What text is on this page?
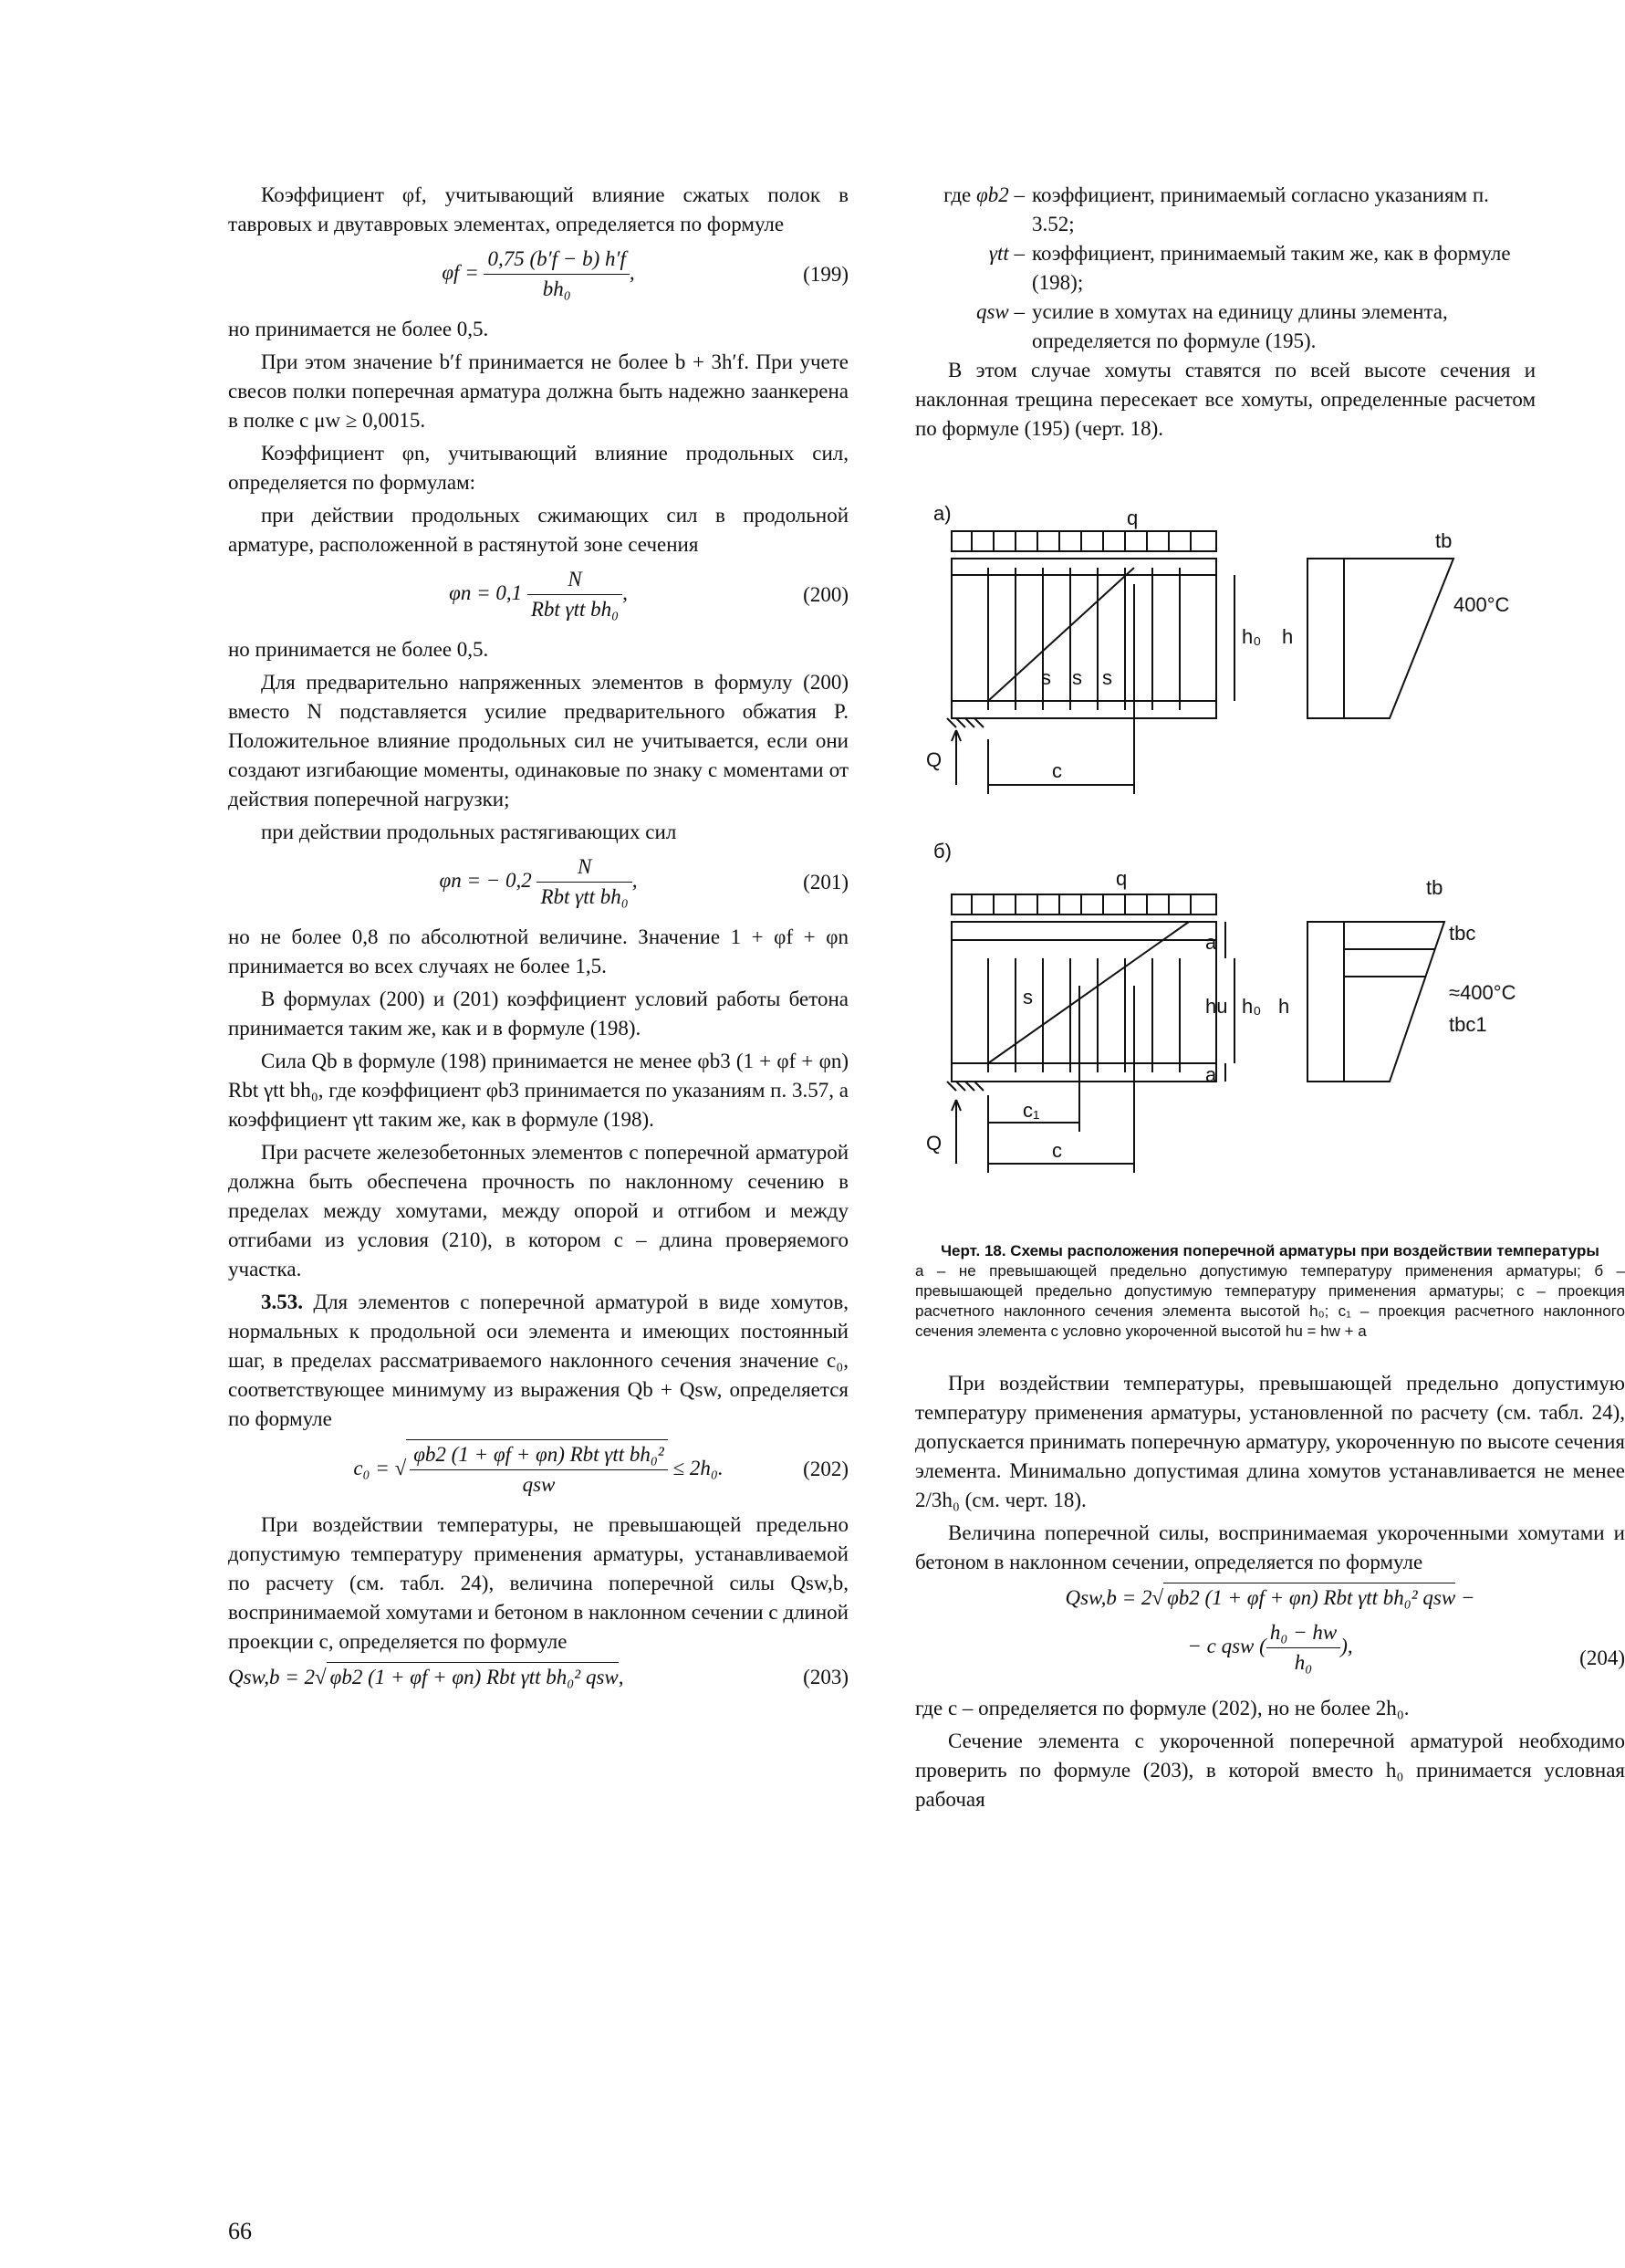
Коэффициент φf, учитывающий влияние сжатых полок в тавровых и двутавровых элементах, определяется по формуле

$\varphi f = \frac{0,75 (b'f - b) h'f}{\text{bh₀}}$ ,	(199)

но принимается не более 0,5.

При этом значение b′f принимается не более b + 3h′f. При учете свесов полки поперечная арматура должна быть надежно заанкерена в полке с μw ≥ 0,0015.

Коэффициент φn, учитывающий влияние продольных сил, определяется по формулам:

при действии продольных сжимающих сил в продольной арматуре, расположенной в растянутой зоне сечения

$\varphi n = 0,1 \frac{N}{\text{Rbt γtt bh₀}}$ ,	(200)

но принимается не более 0,5.

Для предварительно напряженных элементов в формулу (200) вместо N подставляется усилие предварительного обжатия P. Положительное влияние продольных сил не учитывается, если они создают изгибающие моменты, одинаковые по знаку с моментами от действия поперечной нагрузки;

при действии продольных растягивающих сил

φn = − $0,2 \frac{N}{\text{Rbt γtt bh₀}}$ ,	(201)

но не более 0,8 по абсолютной величине. Значение 1 + φf + φn принимается во всех случаях не более 1,5.

В формулах (200) и (201) коэффициент условий работы бетона принимается таким же, как и в формуле (198).

Сила Qb в формуле (198) принимается не менее φb3 (1 + φf + φn) Rbt γtt bh₀, где коэффициент φb3 принимается по указаниям п. 3.57, а коэффициент γtt таким же, как в формуле (198).

При расчете железобетонных элементов с поперечной арматурой должна быть обеспечена прочность по наклонному сечению в пределах между хомутами, между опорой и отгибом и между отгибами из условия (210), в котором c – длина проверяемого участка.

3.53. Для элементов с поперечной арматурой в виде хомутов, нормальных к продольной оси элемента и имеющих постоянный шаг, в пределах рассматриваемого наклонного сечения значение c₀, соответствующее минимуму из выражения Qb + Qsw, определяется по формуле

c₀ = √ $\frac{\text{φb2 (1 + φf + φn) Rbt γtt bh₀²}}{\text{qsw}} \le 2h_0$.	(202)

При воздействии температуры, не превышающей предельно допустимую температуру применения арматуры, устанавливаемой по расчету (см. табл. 24), величина поперечной силы Qsw,b, воспринимаемой хомутами и бетоном в наклонном сечении с длиной проекции c, определяется по формуле

Qsw,b = 2√ φb2 (1 + φf + φn) Rbt γtt bh₀² qsw,	(203)
где φb2 – коэффициент, принимаемый согласно указаниям п. 3.52;
γtt – коэффициент, принимаемый таким же, как в формуле (198);
qsw – усилие в хомутах на единицу длины элемента, определяется по формуле (195).

В этом случае хомуты ставятся по всей высоте сечения и наклонная трещина пересекает все хомуты, определенные расчетом по формуле (195) (черт. 18).

а)	q
s s s
Q	c
h₀ h
tb
400°C
б)
q
s
Q
c₁
c
a
a
hu h₀ h
tb
tbc
≈400°C
tbc1
Черт. 18. Схемы расположения поперечной арматуры при воздействии температуры
а – не превышающей предельно допустимую температуру применения арматуры; б – превышающей предельно допустимую температуру применения арматуры; c – проекция расчетного наклонного сечения элемента высотой h₀; c₁ – проекция расчетного наклонного сечения элемента с условно укороченной высотой hu = hw + a

При воздействии температуры, превышающей предельно допустимую температуру применения арматуры, установленной по расчету (см. табл. 24), допускается принимать поперечную арматуру, укороченную по высоте сечения элемента. Минимально допустимая длина хомутов устанавливается не менее 2/3h₀ (см. черт. 18).

Величина поперечной силы, воспринимаемая укороченными хомутами и бетоном в наклонном сечении, определяется по формуле

Qsw,b = 2√ φb2 (1 + φf + φn) Rbt γtt bh₀² qsw −
− c qsw ( $\frac{\text{h₀ − hw}}{\text{h₀}}$ ),
(204)

где c – определяется по формуле (202), но не более 2h₀.

Сечение элемента с укороченной поперечной арматурой необходимо проверить по формуле (203), в которой вместо h₀ принимается условная рабочая

66
